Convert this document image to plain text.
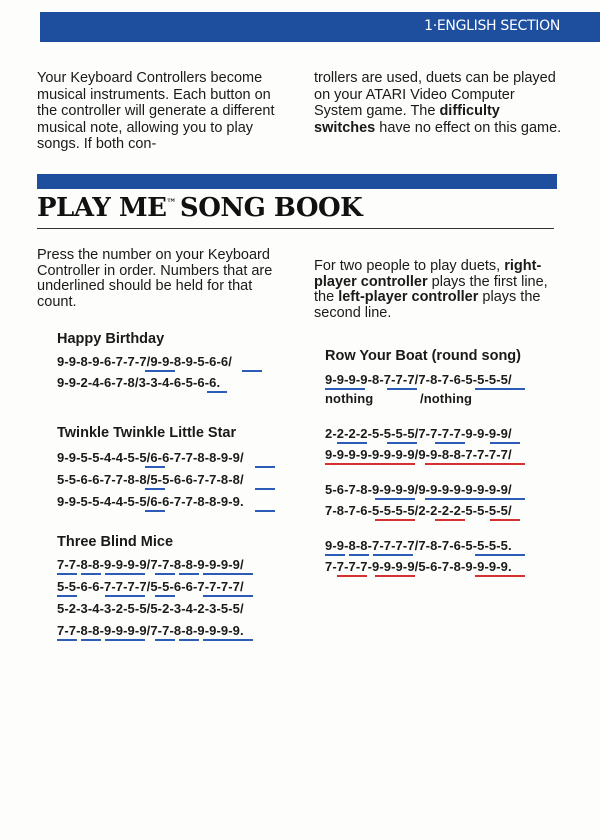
1·ENGLISH SECTION
Your Keyboard Controllers become musical instruments. Each button on the controller will generate a different musical note, allowing you to play songs. If both con-
trollers are used, duets can be played on your ATARI Video Computer System game. The difficulty switches have no effect on this game.
PLAY ME™ SONG BOOK
Press the number on your Keyboard Controller in order. Numbers that are underlined should be held for that count.
For two people to play duets, right-player controller plays the first line, the left-player controller plays the second line.
Happy Birthday
9-9-8-9-6-7-7-7/9-9-8-9-5-6-6/
9-9-2-4-6-7-8/3-3-4-6-5-6-6.
Twinkle Twinkle Little Star
9-9-5-5-4-4-5-5/6-6-7-7-8-8-9-9/
5-5-6-6-7-7-8-8/5-5-6-6-7-7-8-8/
9-9-5-5-4-4-5-5/6-6-7-7-8-8-9-9.
Three Blind Mice
7-7-8-8-9-9-9-9/7-7-8-8-9-9-9-9/
5-5-6-6-7-7-7-7/5-5-6-6-7-7-7-7/
5-2-3-4-3-2-5-5/5-2-3-4-2-3-5-5/
7-7-8-8-9-9-9-9/7-7-8-8-9-9-9-9.
Row Your Boat (round song)
9-9-9-9-8-7-7-7/7-8-7-6-5-5-5-5/
nothing	/nothing
2-2-2-2-5-5-5-5/7-7-7-7-9-9-9-9/
9-9-9-9-9-9-9-9/9-9-8-8-7-7-7-7/
5-6-7-8-9-9-9-9/9-9-9-9-9-9-9-9/
7-8-7-6-5-5-5-5/2-2-2-2-5-5-5-5/
9-9-8-8-7-7-7-7/7-8-7-6-5-5-5-5.
7-7-7-7-9-9-9-9/5-6-7-8-9-9-9-9.
